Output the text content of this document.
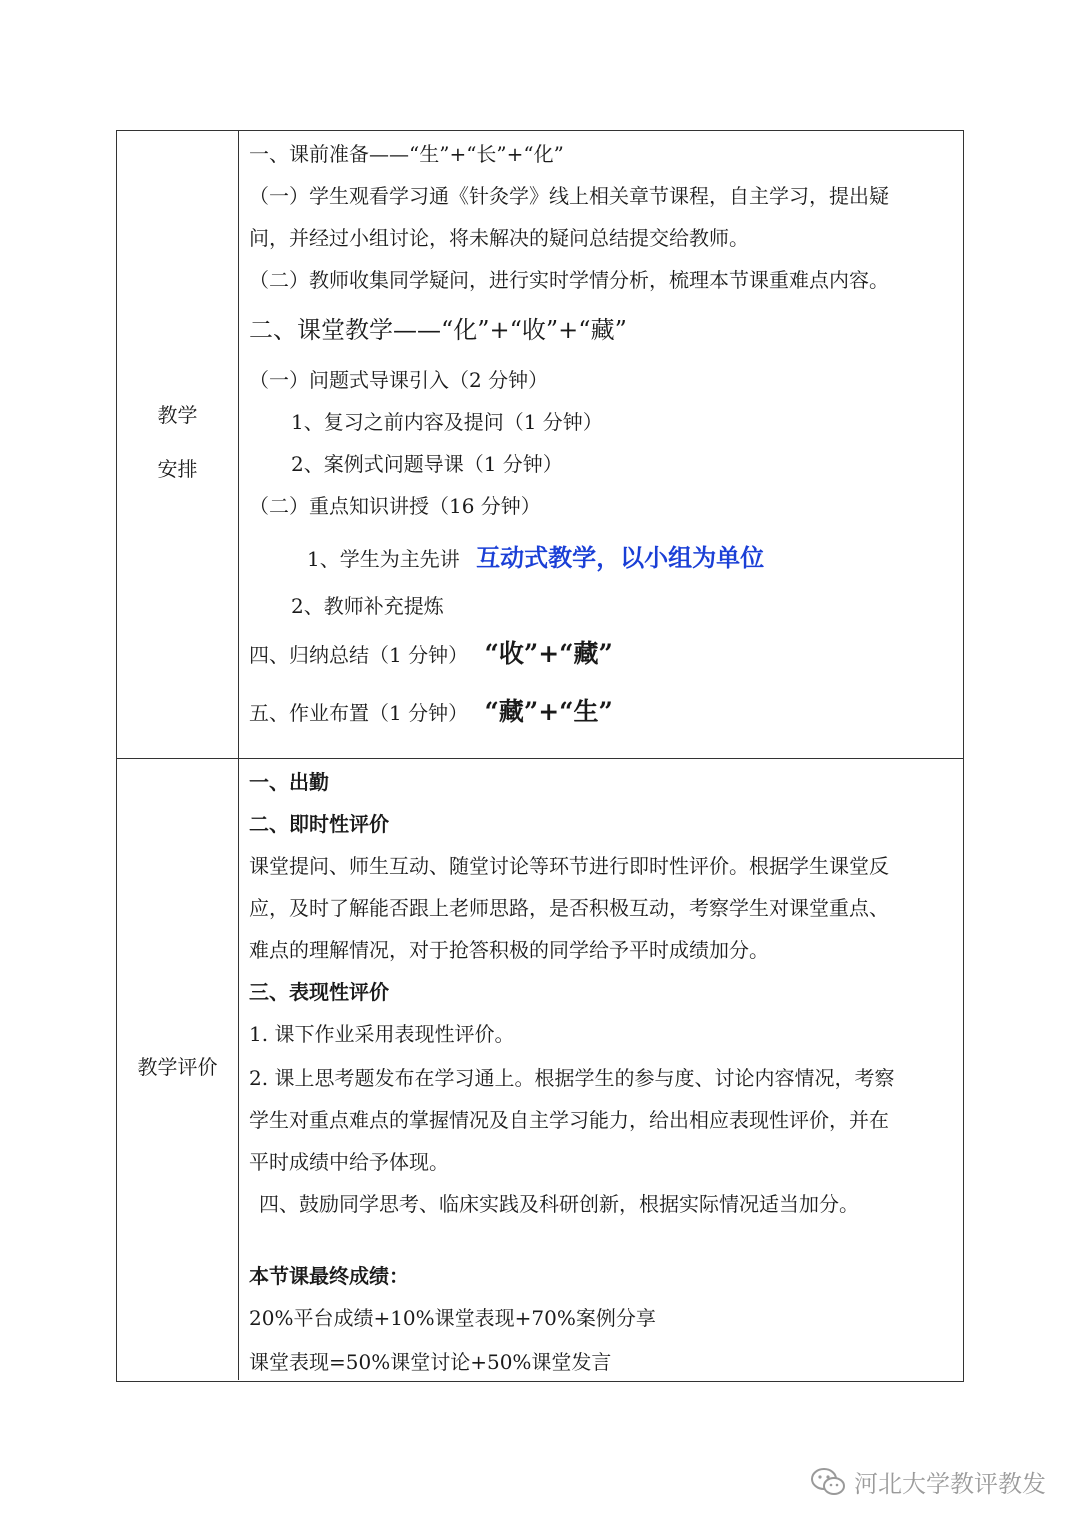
教学
安排
一、课前准备——“生”+“长”+“化”
（一）学生观看学习通《针灸学》线上相关章节课程，自主学习，提出疑
问，并经过小组讨论，将未解决的疑问总结提交给教师。
（二）教师收集同学疑问，进行实时学情分析，梳理本节课重难点内容。
二、课堂教学——“化”+“收”+“藏”
（一）问题式导课引入（2 分钟）
1、复习之前内容及提问（1 分钟）
2、案例式问题导课（1 分钟）
（二）重点知识讲授（16 分钟）
1、学生为主先讲 互动式教学，以小组为单位
2、教师补充提炼
四、归纳总结（1 分钟） “收”+“藏”
五、作业布置（1 分钟） “藏”+“生”
教学评价
一、出勤
二、即时性评价
课堂提问、师生互动、随堂讨论等环节进行即时性评价。根据学生课堂反
应，及时了解能否跟上老师思路，是否积极互动，考察学生对课堂重点、
难点的理解情况，对于抢答积极的同学给予平时成绩加分。
三、表现性评价
1. 课下作业采用表现性评价。
2. 课上思考题发布在学习通上。根据学生的参与度、讨论内容情况，考察
学生对重点难点的掌握情况及自主学习能力，给出相应表现性评价，并在
平时成绩中给予体现。
四、鼓励同学思考、临床实践及科研创新，根据实际情况适当加分。
本节课最终成绩：
20%平台成绩+10%课堂表现+70%案例分享
课堂表现=50%课堂讨论+50%课堂发言
河北大学教评教发
